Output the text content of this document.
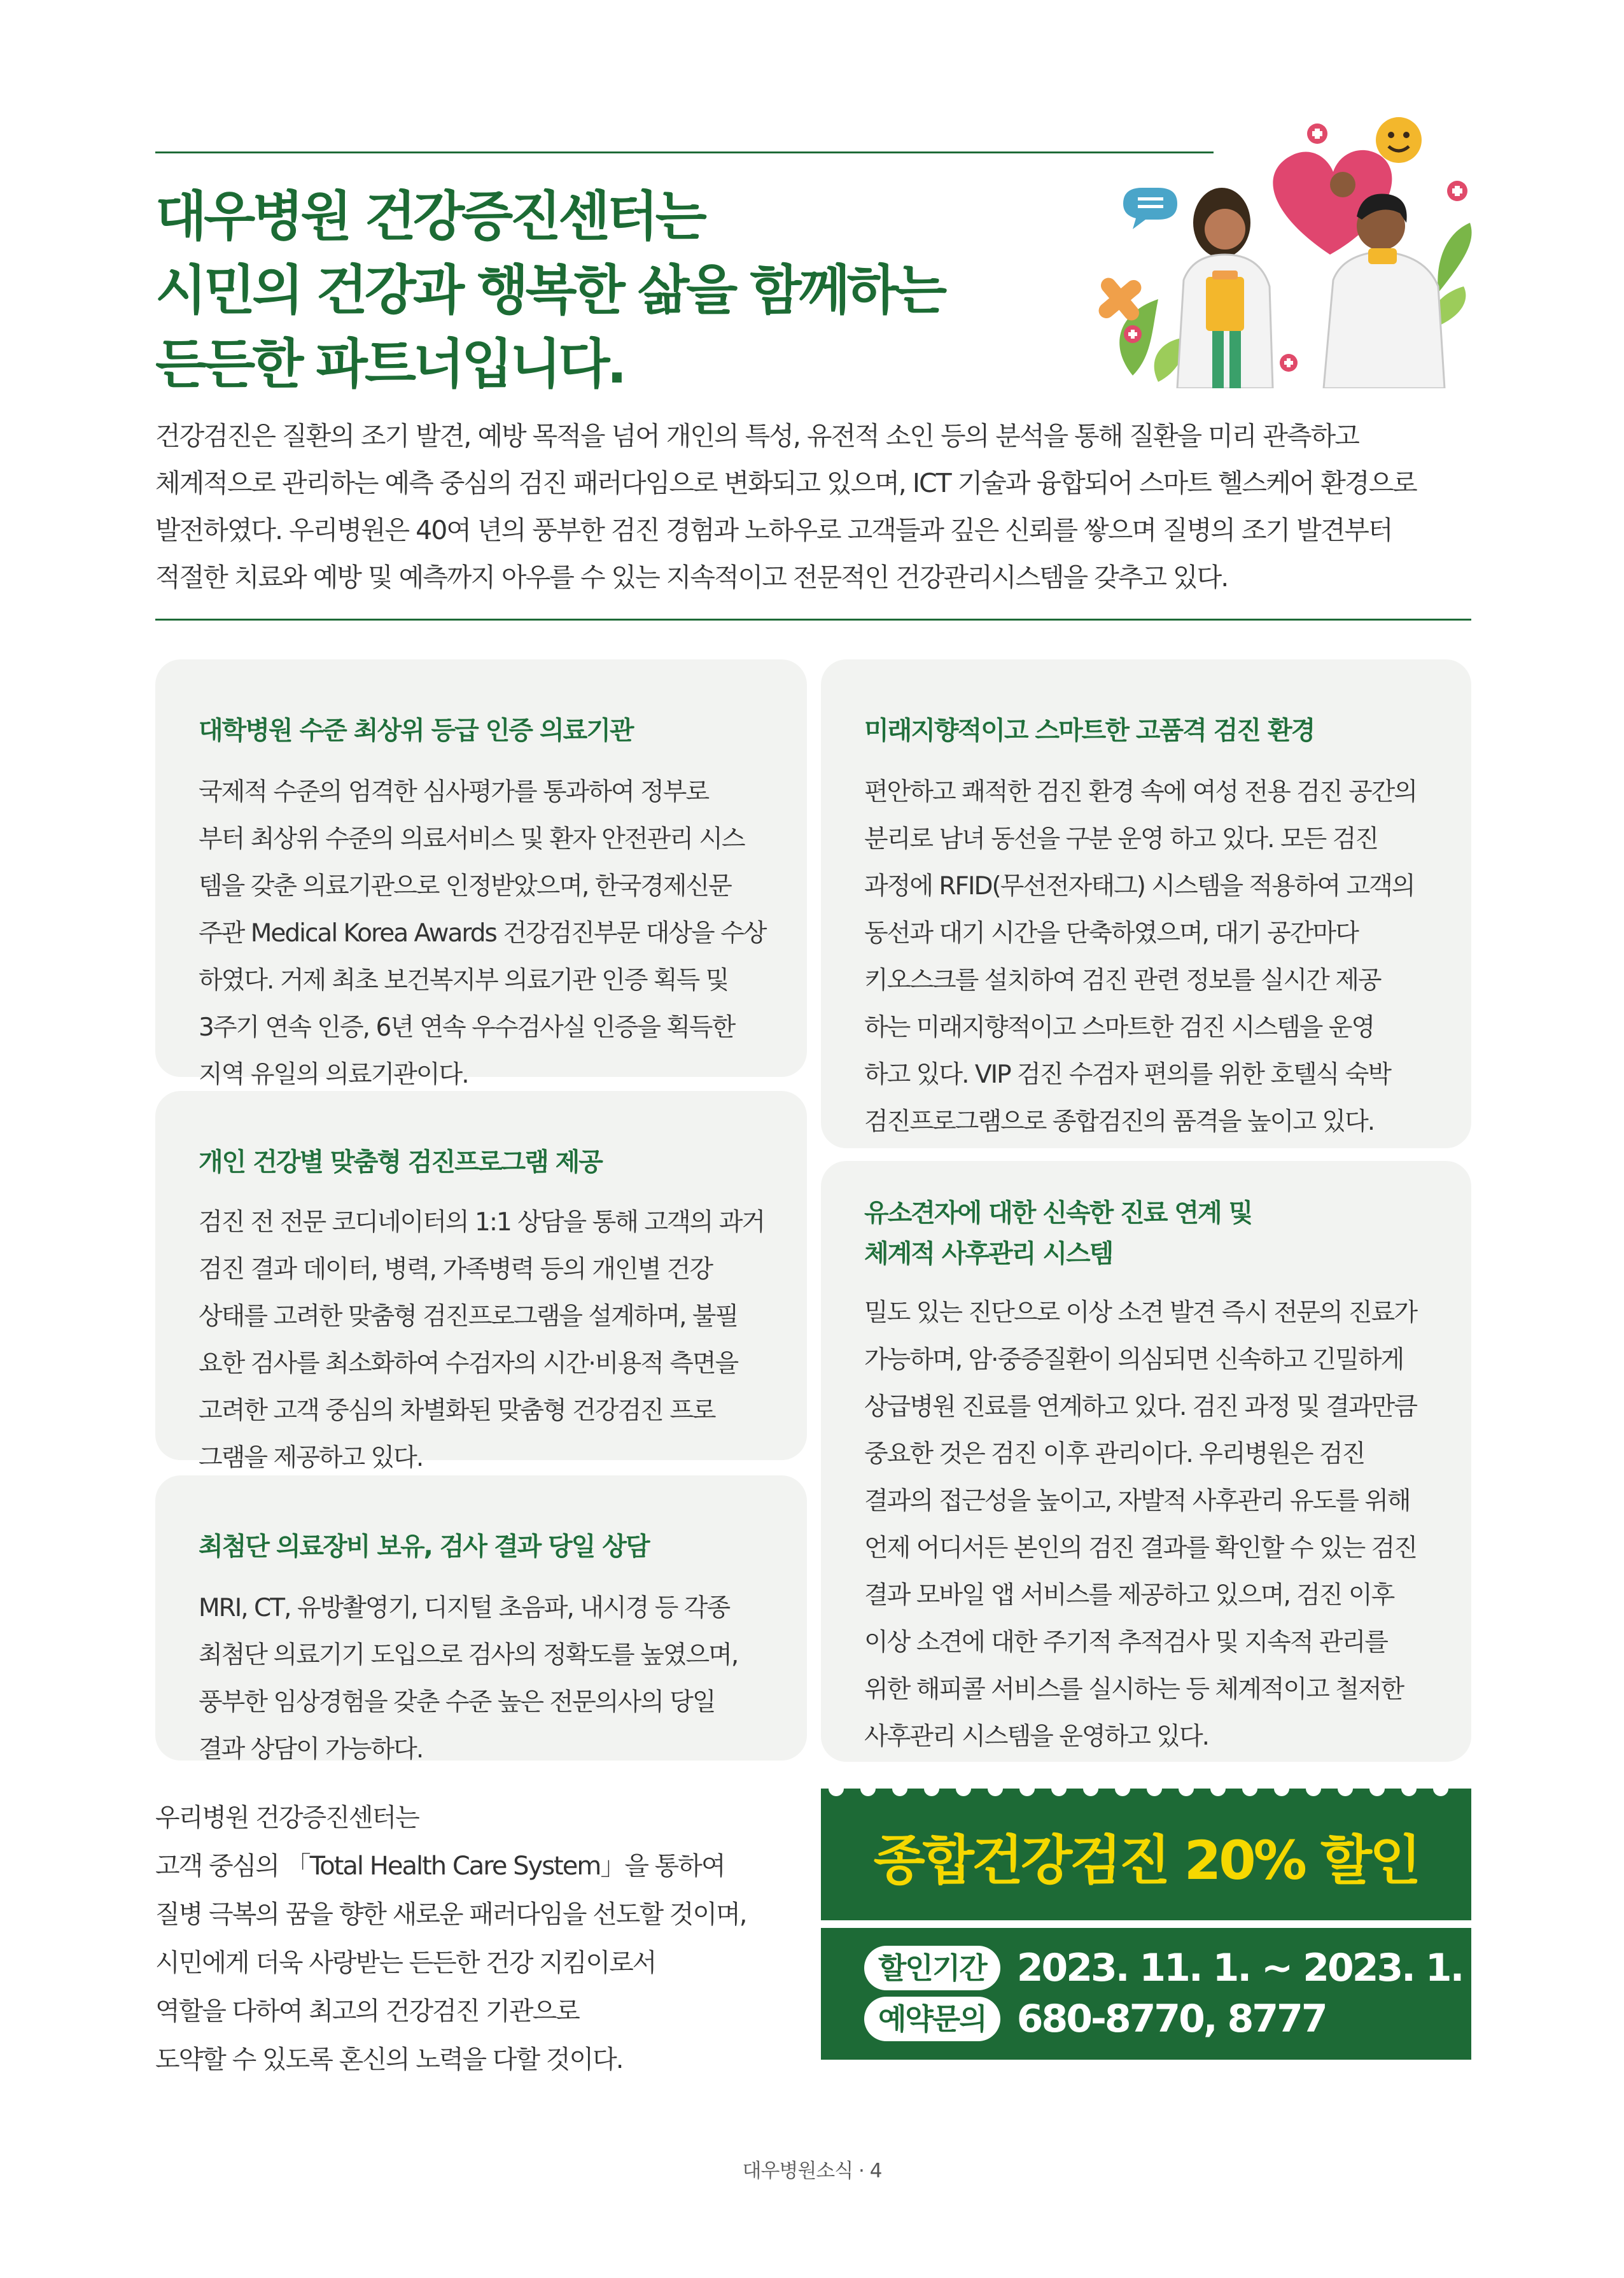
대우병원 건강증진센터는
시민의 건강과 행복한 삶을 함께하는
든든한 파트너입니다.
건강검진은 질환의 조기 발견, 예방 목적을 넘어 개인의 특성, 유전적 소인 등의 분석을 통해 질환을 미리 관측하고
체계적으로 관리하는 예측 중심의 검진 패러다임으로 변화되고 있으며, ICT 기술과 융합되어 스마트 헬스케어 환경으로
발전하였다. 우리병원은 40여 년의 풍부한 검진 경험과 노하우로 고객들과 깊은 신뢰를 쌓으며 질병의 조기 발견부터
적절한 치료와 예방 및 예측까지 아우를 수 있는 지속적이고 전문적인 건강관리시스템을 갖추고 있다.
대학병원 수준 최상위 등급 인증 의료기관
국제적 수준의 엄격한 심사평가를 통과하여 정부로
부터 최상위 수준의 의료서비스 및 환자 안전관리 시스
템을 갖춘 의료기관으로 인정받았으며, 한국경제신문
주관 Medical Korea Awards 건강검진부문 대상을 수상
하였다. 거제 최초 보건복지부 의료기관 인증 획득 및
3주기 연속 인증, 6년 연속 우수검사실 인증을 획득한
지역 유일의 의료기관이다.
개인 건강별 맞춤형 검진프로그램 제공
검진 전 전문 코디네이터의 1:1 상담을 통해 고객의 과거
검진 결과 데이터, 병력, 가족병력 등의 개인별 건강
상태를 고려한 맞춤형 검진프로그램을 설계하며, 불필
요한 검사를 최소화하여 수검자의 시간·비용적 측면을
고려한 고객 중심의 차별화된 맞춤형 건강검진 프로
그램을 제공하고 있다.
최첨단 의료장비 보유, 검사 결과 당일 상담
MRI, CT, 유방촬영기, 디지털 초음파, 내시경 등 각종
최첨단 의료기기 도입으로 검사의 정확도를 높였으며,
풍부한 임상경험을 갖춘 수준 높은 전문의사의 당일
결과 상담이 가능하다.
미래지향적이고 스마트한 고품격 검진 환경
편안하고 쾌적한 검진 환경 속에 여성 전용 검진 공간의
분리로 남녀 동선을 구분 운영 하고 있다. 모든 검진
과정에 RFID(무선전자태그) 시스템을 적용하여 고객의
동선과 대기 시간을 단축하였으며, 대기 공간마다
키오스크를 설치하여 검진 관련 정보를 실시간 제공
하는 미래지향적이고 스마트한 검진 시스템을 운영
하고 있다. VIP 검진 수검자 편의를 위한 호텔식 숙박
검진프로그램으로 종합검진의 품격을 높이고 있다.
유소견자에 대한 신속한 진료 연계 및
체계적 사후관리 시스템
밀도 있는 진단으로 이상 소견 발견 즉시 전문의 진료가
가능하며, 암·중증질환이 의심되면 신속하고 긴밀하게
상급병원 진료를 연계하고 있다. 검진 과정 및 결과만큼
중요한 것은 검진 이후 관리이다. 우리병원은 검진
결과의 접근성을 높이고, 자발적 사후관리 유도를 위해
언제 어디서든 본인의 검진 결과를 확인할 수 있는 검진
결과 모바일 앱 서비스를 제공하고 있으며, 검진 이후
이상 소견에 대한 주기적 추적검사 및 지속적 관리를
위한 해피콜 서비스를 실시하는 등 체계적이고 철저한
사후관리 시스템을 운영하고 있다.
우리병원 건강증진센터는
고객 중심의 「Total Health Care System」을 통하여
질병 극복의 꿈을 향한 새로운 패러다임을 선도할 것이며,
시민에게 더욱 사랑받는 든든한 건강 지킴이로서
역할을 다하여 최고의 건강검진 기관으로
도약할 수 있도록 혼신의 노력을 다할 것이다.
종합건강검진 20% 할인
할인기간 2023. 11. 1. ~ 2023. 1. 31.
예약문의 680-8770, 8777
대우병원소식 · 4
